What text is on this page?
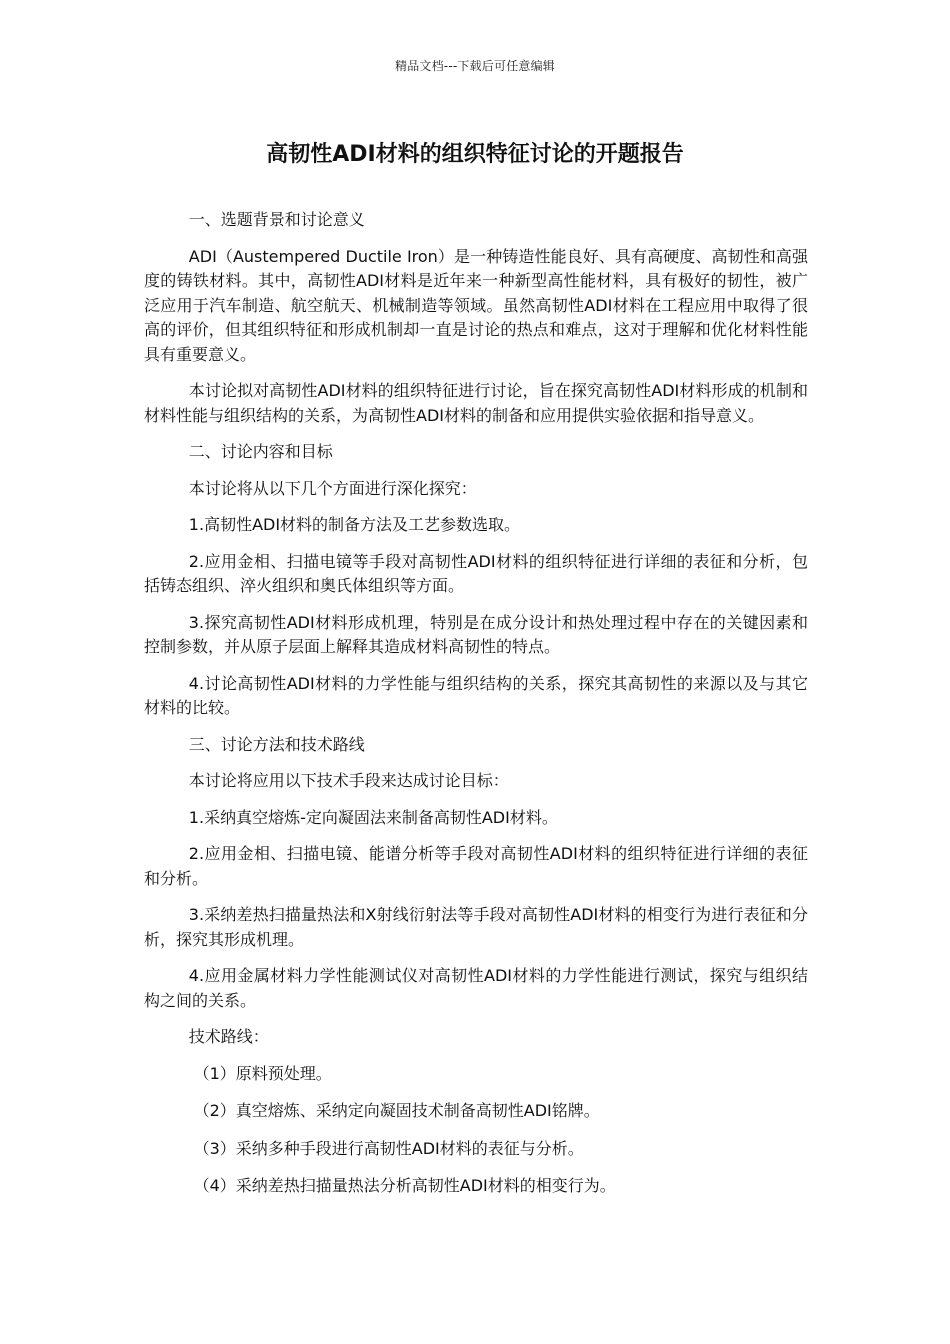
精品文档---下载后可任意编辑
高韧性ADI材料的组织特征讨论的开题报告

一、选题背景和讨论意义

ADI（Austempered Ductile Iron）是一种铸造性能良好、具有高硬度、高韧性和高强度的铸铁材料。其中，高韧性ADI材料是近年来一种新型高性能材料，具有极好的韧性，被广泛应用于汽车制造、航空航天、机械制造等领域。虽然高韧性ADI材料在工程应用中取得了很高的评价，但其组织特征和形成机制却一直是讨论的热点和难点，这对于理解和优化材料性能具有重要意义。

本讨论拟对高韧性ADI材料的组织特征进行讨论，旨在探究高韧性ADI材料形成的机制和材料性能与组织结构的关系，为高韧性ADI材料的制备和应用提供实验依据和指导意义。

二、讨论内容和目标

本讨论将从以下几个方面进行深化探究：

1.高韧性ADI材料的制备方法及工艺参数选取。

2.应用金相、扫描电镜等手段对高韧性ADI材料的组织特征进行详细的表征和分析，包括铸态组织、淬火组织和奥氏体组织等方面。

3.探究高韧性ADI材料形成机理，特别是在成分设计和热处理过程中存在的关键因素和控制参数，并从原子层面上解释其造成材料高韧性的特点。

4.讨论高韧性ADI材料的力学性能与组织结构的关系，探究其高韧性的来源以及与其它材料的比较。

三、讨论方法和技术路线

本讨论将应用以下技术手段来达成讨论目标：

1.采纳真空熔炼-定向凝固法来制备高韧性ADI材料。

2.应用金相、扫描电镜、能谱分析等手段对高韧性ADI材料的组织特征进行详细的表征和分析。

3.采纳差热扫描量热法和X射线衍射法等手段对高韧性ADI材料的相变行为进行表征和分析，探究其形成机理。

4.应用金属材料力学性能测试仪对高韧性ADI材料的力学性能进行测试，探究与组织结构之间的关系。

技术路线：

（1）原料预处理。

（2）真空熔炼、采纳定向凝固技术制备高韧性ADI铭牌。

（3）采纳多种手段进行高韧性ADI材料的表征与分析。

（4）采纳差热扫描量热法分析高韧性ADI材料的相变行为。
